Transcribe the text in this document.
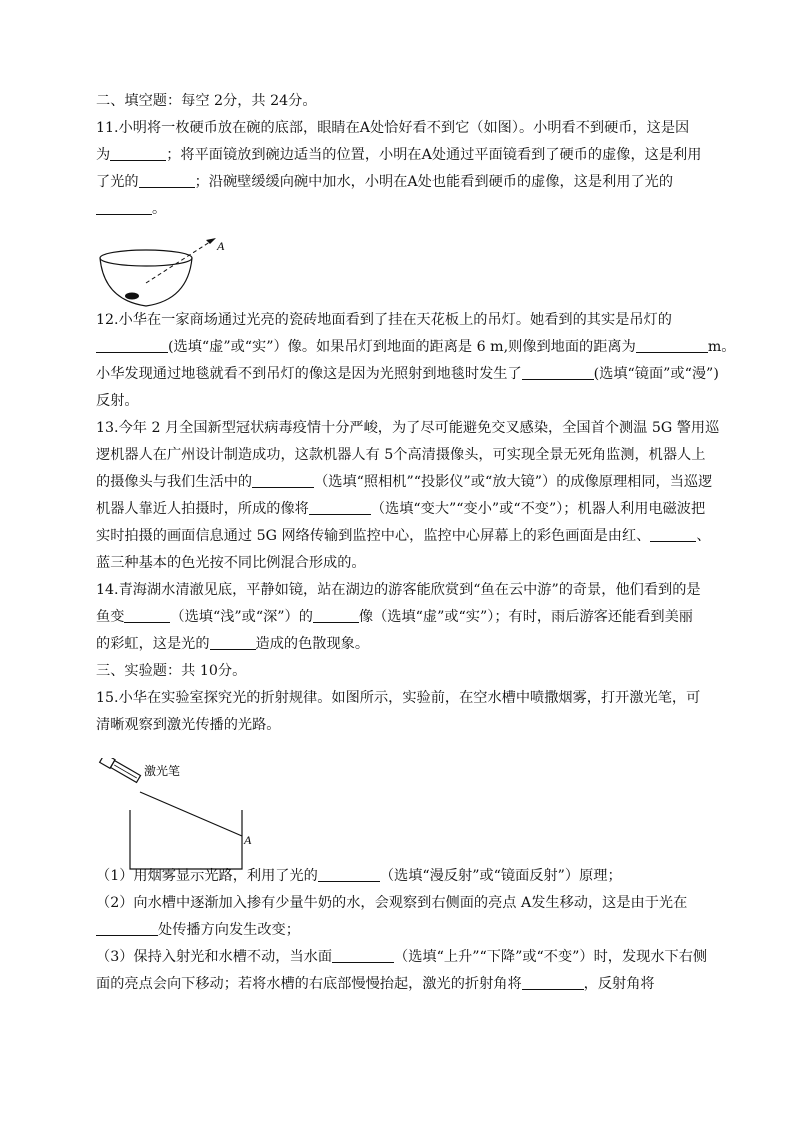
二、填空题：每空 2分，共 24分。
11.小明将一枚硬币放在碗的底部，眼睛在A处恰好看不到它（如图）。小明看不到硬币，这是因
为	；将平面镜放到碗边适当的位置，小明在A处通过平面镜看到了硬币的虚像，这是利用
了光的	；沿碗壁缓缓向碗中加水，小明在A处也能看到硬币的虚像，这是利用了光的
。
12.小华在一家商场通过光亮的瓷砖地面看到了挂在天花板上的吊灯。她看到的其实是吊灯的
(选填“虚”或“实”）像。如果吊灯到地面的距离是 6 m,则像到地面的距离为	m。
小华发现通过地毯就看不到吊灯的像这是因为光照射到地毯时发生了	(选填“镜面”或“漫”)
反射。
13.今年 2 月全国新型冠状病毒疫情十分严峻，为了尽可能避免交叉感染，全国首个测温 5G 警用巡
逻机器人在广州设计制造成功，这款机器人有 5个高清摄像头，可实现全景无死角监测，机器人上
的摄像头与我们生活中的	（选填“照相机”“投影仪”或“放大镜”）的成像原理相同，当巡逻
机器人靠近人拍摄时，所成的像将	（选填“变大”“变小”或“不变”）；机器人利用电磁波把
实时拍摄的画面信息通过 5G 网络传输到监控中心，监控中心屏幕上的彩色画面是由红、	、
蓝三种基本的色光按不同比例混合形成的。
14.青海湖水清澈见底，平静如镜，站在湖边的游客能欣赏到“鱼在云中游”的奇景，他们看到的是
鱼变	（选填“浅”或“深”）的	像（选填“虚”或“实”）；有时，雨后游客还能看到美丽
的彩虹，这是光的	造成的色散现象。
三、实验题：共 10分。
15.小华在实验室探究光的折射规律。如图所示，实验前，在空水槽中喷撒烟雾，打开激光笔，可
清晰观察到激光传播的光路。
（1）用烟雾显示光路，利用了光的	（选填“漫反射”或“镜面反射”）原理；
（2）向水槽中逐渐加入掺有少量牛奶的水，会观察到右侧面的亮点 A发生移动，这是由于光在
处传播方向发生改变；
（3）保持入射光和水槽不动，当水面	（选填“上升”“下降”或“不变”）时，发现水下右侧
面的亮点会向下移动；若将水槽的右底部慢慢抬起，激光的折射角将	，反射角将
A
激光笔
A
